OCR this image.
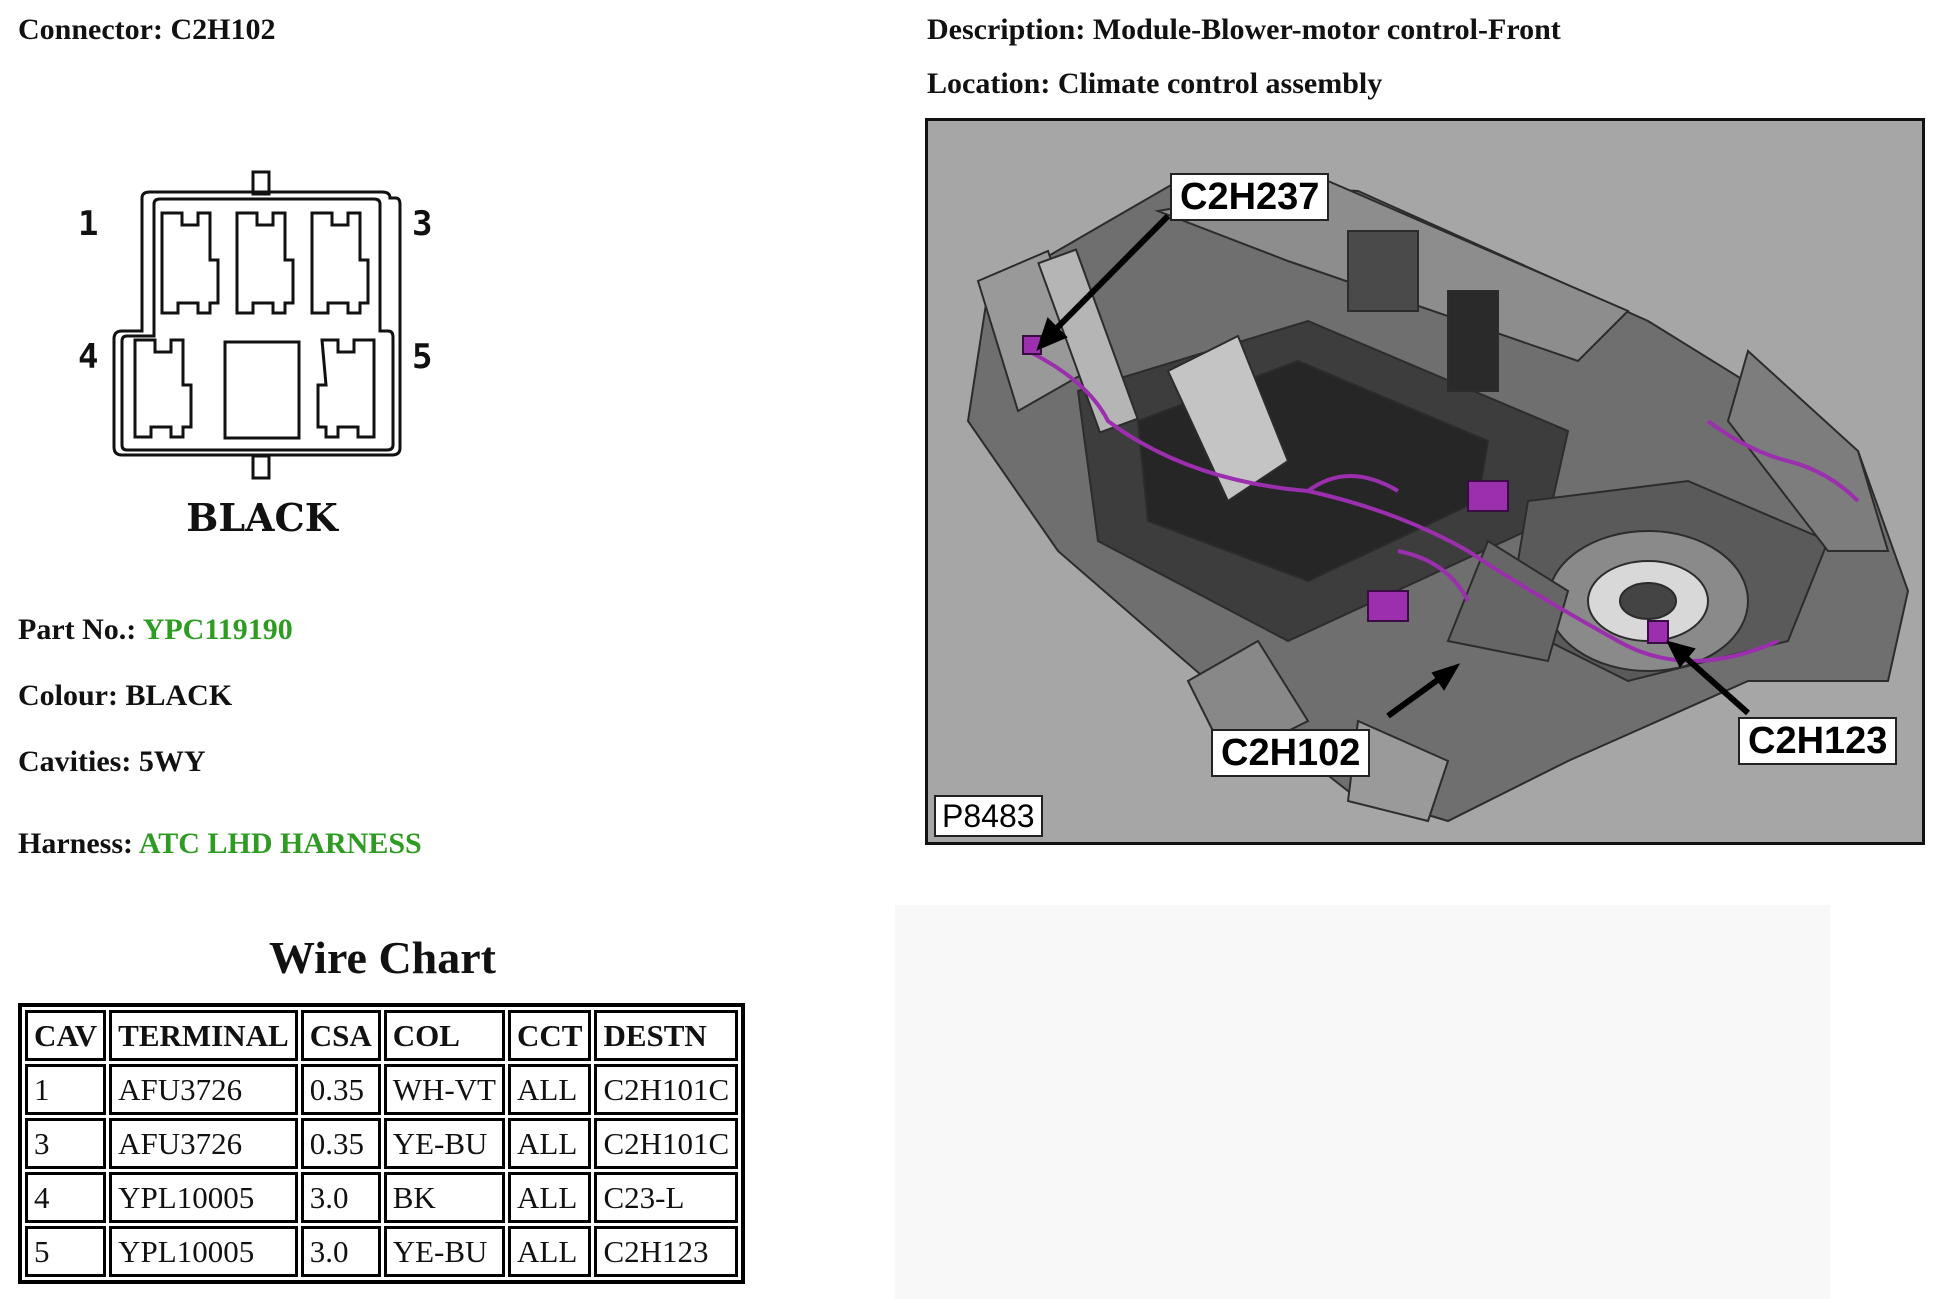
Connector: C2H102	Description: Module-Blower-motor control-Front
Location: Climate control assembly
1	3
4	5
BLACK
Part No.: YPC119190
Colour: BLACK
Cavities: 5WY
Harness: ATC LHD HARNESS
Wire Chart
CAV	TERMINAL	CSA	COL	CCT	DESTN
1	AFU3726	0.35	WH-VT	ALL	C2H101C
3	AFU3726	0.35	YE-BU	ALL	C2H101C
4	YPL10005	3.0	BK	ALL	C23-L
5	YPL10005	3.0	YE-BU	ALL	C2H123
C2H237
C2H102	C2H123
P8483
